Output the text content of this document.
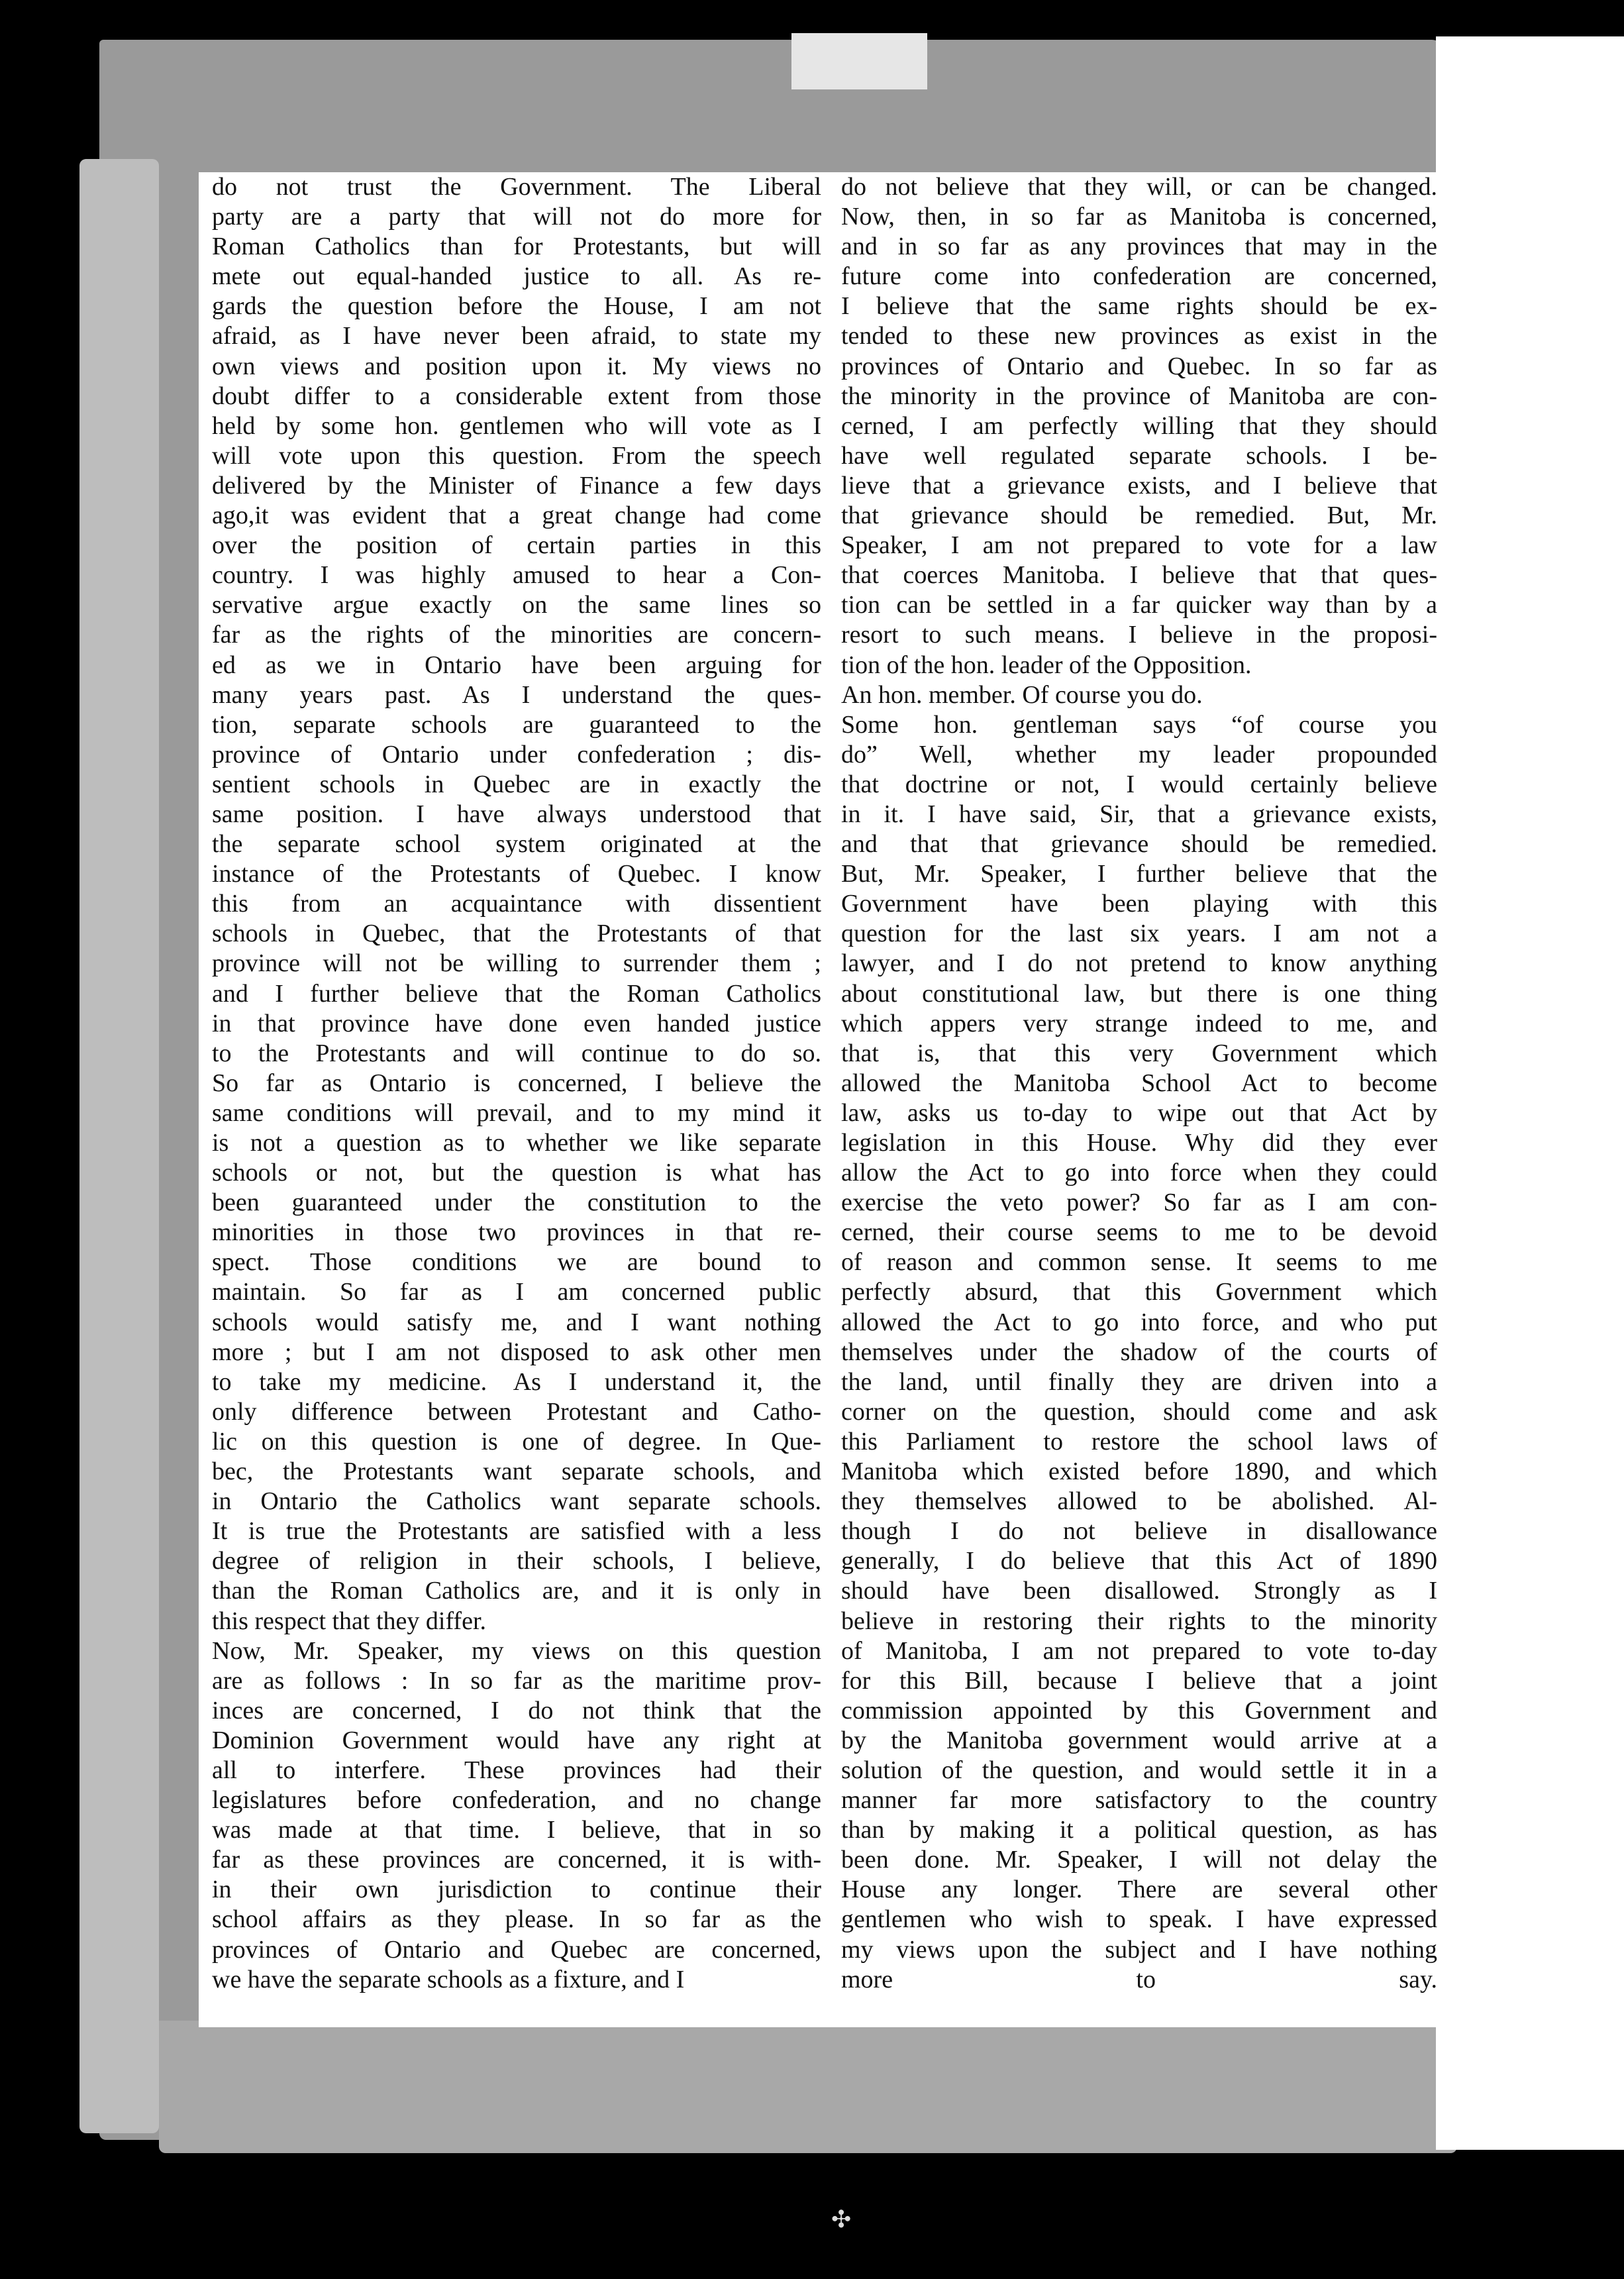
do not trust the Government. The Liberal
party are a party that will not do more for
Roman Catholics than for Protestants, but will
mete out equal-handed justice to all. As re-
gards the question before the House, I am not
afraid, as I have never been afraid, to state my
own views and position upon it. My views no
doubt differ to a considerable extent from those
held by some hon. gentlemen who will vote as I
will vote upon this question. From the speech
delivered by the Minister of Finance a few days
ago,it was evident that a great change had come
over the position of certain parties in this
country. I was highly amused to hear a Con-
servative argue exactly on the same lines so
far as the rights of the minorities are concern-
ed as we in Ontario have been arguing for
many years past. As I understand the ques-
tion, separate schools are guaranteed to the
province of Ontario under confederation ; dis-
sentient schools in Quebec are in exactly the
same position. I have always understood that
the separate school system originated at the
instance of the Protestants of Quebec. I know
this from an acquaintance with dissentient
schools in Quebec, that the Protestants of that
province will not be willing to surrender them ;
and I further believe that the Roman Catholics
in that province have done even handed justice
to the Protestants and will continue to do so.
So far as Ontario is concerned, I believe the
same conditions will prevail, and to my mind it
is not a question as to whether we like separate
schools or not, but the question is what has
been guaranteed under the constitution to the
minorities in those two provinces in that re-
spect. Those conditions we are bound to
maintain. So far as I am concerned public
schools would satisfy me, and I want nothing
more ; but I am not disposed to ask other men
to take my medicine. As I understand it, the
only difference between Protestant and Catho-
lic on this question is one of degree. In Que-
bec, the Protestants want separate schools, and
in Ontario the Catholics want separate schools.
It is true the Protestants are satisfied with a less
degree of religion in their schools, I believe,
than the Roman Catholics are, and it is only in
this respect that they differ.
Now, Mr. Speaker, my views on this question
are as follows : In so far as the maritime prov-
inces are concerned, I do not think that the
Dominion Government would have any right at
all to interfere. These provinces had their
legislatures before confederation, and no change
was made at that time. I believe, that in so
far as these provinces are concerned, it is with-
in their own jurisdiction to continue their
school affairs as they please. In so far as the
provinces of Ontario and Quebec are concerned,
we have the separate schools as a fixture, and I
do not believe that they will, or can be changed.
Now, then, in so far as Manitoba is concerned,
and in so far as any provinces that may in the
future come into confederation are concerned,
I believe that the same rights should be ex-
tended to these new provinces as exist in the
provinces of Ontario and Quebec. In so far as
the minority in the province of Manitoba are con-
cerned, I am perfectly willing that they should
have well regulated separate schools. I be-
lieve that a grievance exists, and I believe that
that grievance should be remedied. But, Mr.
Speaker, I am not prepared to vote for a law
that coerces Manitoba. I believe that that ques-
tion can be settled in a far quicker way than by a
resort to such means. I believe in the proposi-
tion of the hon. leader of the Opposition.
An hon. member. Of course you do.
Some hon. gentleman says “of course you
do” Well, whether my leader propounded
that doctrine or not, I would certainly believe
in it. I have said, Sir, that a grievance exists,
and that that grievance should be remedied.
But, Mr. Speaker, I further believe that the
Government have been playing with this
question for the last six years. I am not a
lawyer, and I do not pretend to know anything
about constitutional law, but there is one thing
which appers very strange indeed to me, and
that is, that this very Government which
allowed the Manitoba School Act to become
law, asks us to-day to wipe out that Act by
legislation in this House. Why did they ever
allow the Act to go into force when they could
exercise the veto power? So far as I am con-
cerned, their course seems to me to be devoid
of reason and common sense. It seems to me
perfectly absurd, that this Government which
allowed the Act to go into force, and who put
themselves under the shadow of the courts of
the land, until finally they are driven into a
corner on the question, should come and ask
this Parliament to restore the school laws of
Manitoba which existed before 1890, and which
they themselves allowed to be abolished. Al-
though I do not believe in disallowance
generally, I do believe that this Act of 1890
should have been disallowed. Strongly as I
believe in restoring their rights to the minority
of Manitoba, I am not prepared to vote to-day
for this Bill, because I believe that a joint
commission appointed by this Government and
by the Manitoba government would arrive at a
solution of the question, and would settle it in a
manner far more satisfactory to the country
than by making it a political question, as has
been done. Mr. Speaker, I will not delay the
House any longer. There are several other
gentlemen who wish to speak. I have expressed
my views upon the subject and I have nothing
more to say.
✣
